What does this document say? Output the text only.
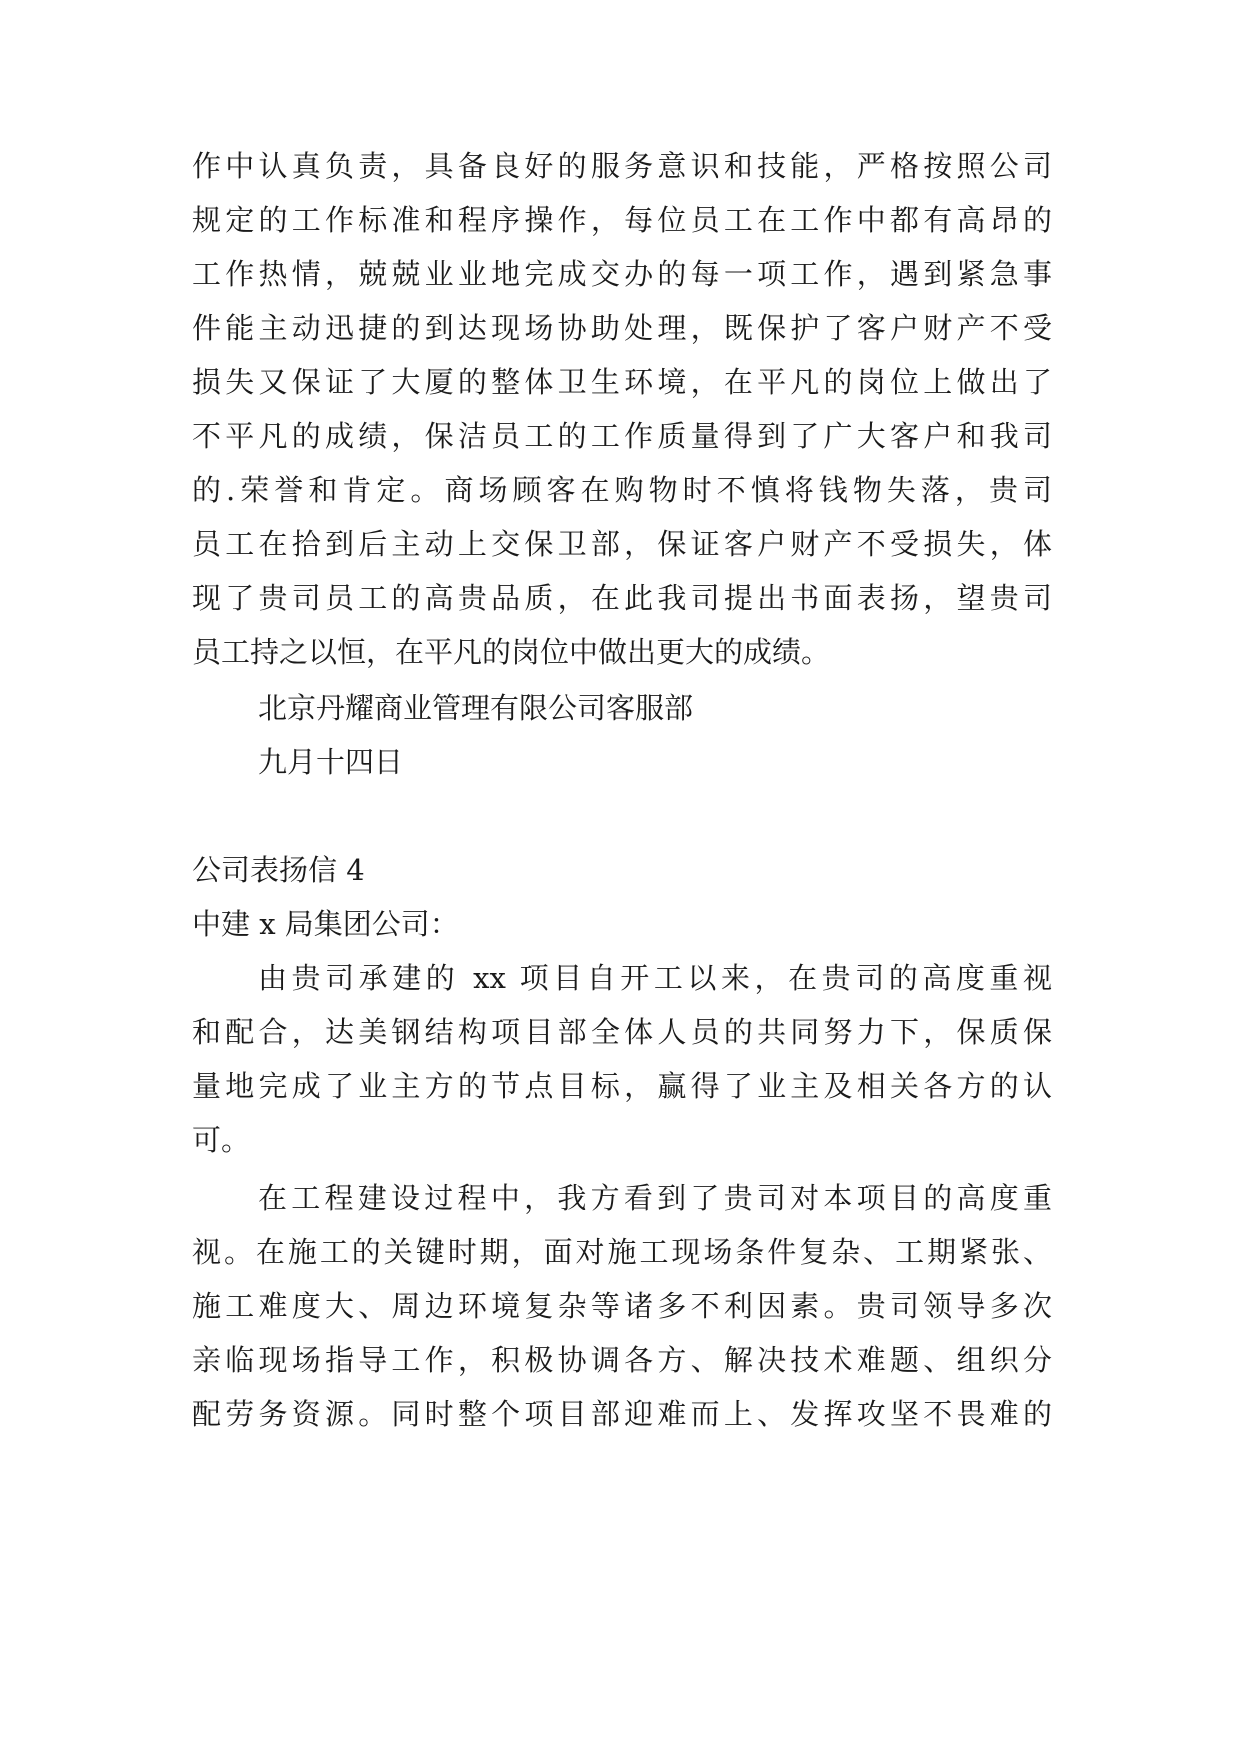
作中认真负责，具备良好的服务意识和技能，严格按照公司
规定的工作标准和程序操作，每位员工在工作中都有高昂的
工作热情，兢兢业业地完成交办的每一项工作，遇到紧急事
件能主动迅捷的到达现场协助处理，既保护了客户财产不受
损失又保证了大厦的整体卫生环境，在平凡的岗位上做出了
不平凡的成绩，保洁员工的工作质量得到了广大客户和我司
的.荣誉和肯定。商场顾客在购物时不慎将钱物失落，贵司
员工在拾到后主动上交保卫部，保证客户财产不受损失，体
现了贵司员工的高贵品质，在此我司提出书面表扬，望贵司
员工持之以恒，在平凡的岗位中做出更大的成绩。
北京丹耀商业管理有限公司客服部
九月十四日
公司表扬信 4
中建 x 局集团公司：
由贵司承建的 xx 项目自开工以来，在贵司的高度重视
和配合，达美钢结构项目部全体人员的共同努力下，保质保
量地完成了业主方的节点目标，赢得了业主及相关各方的认
可。
在工程建设过程中，我方看到了贵司对本项目的高度重
视。在施工的关键时期，面对施工现场条件复杂、工期紧张、
施工难度大、周边环境复杂等诸多不利因素。贵司领导多次
亲临现场指导工作，积极协调各方、解决技术难题、组织分
配劳务资源。同时整个项目部迎难而上、发挥攻坚不畏难的
